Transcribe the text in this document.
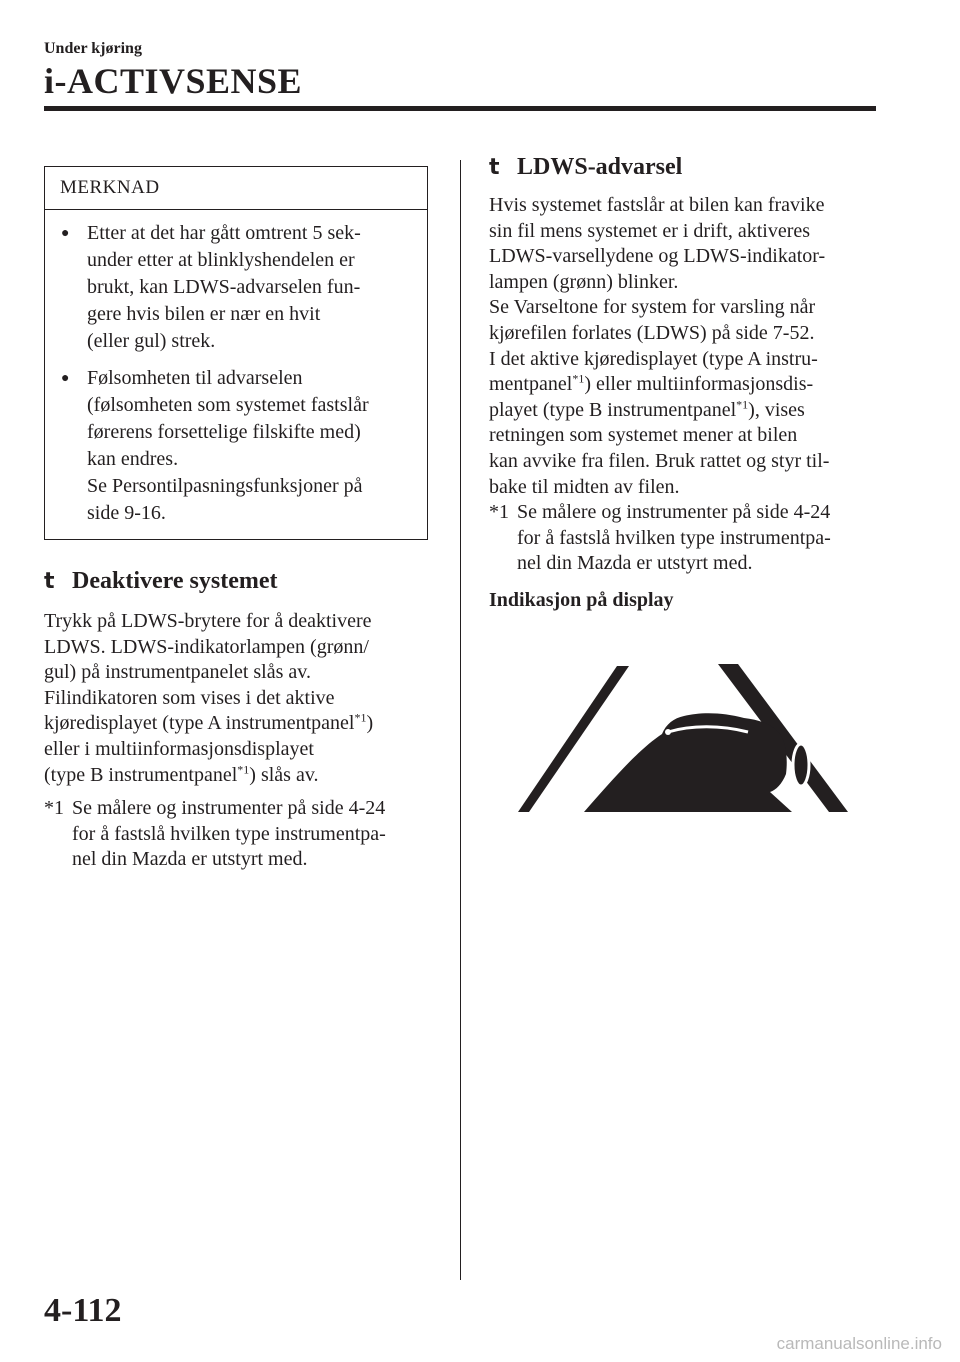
Under kjøring
i-ACTIVSENSE
MERKNAD
● Etter at det har gått omtrent 5 sek-
under etter at blinklyshendelen er
brukt, kan LDWS-advarselen fun-
gere hvis bilen er nær en hvit
(eller gul) strek.
● Følsomheten til advarselen
(følsomheten som systemet fastslår
førerens forsettelige filskifte med)
kan endres.
Se Persontilpasningsfunksjoner på
side 9-16.
t Deaktivere systemet
Trykk på LDWS-brytere for å deaktivere
LDWS. LDWS-indikatorlampen (grønn/
gul) på instrumentpanelet slås av.
Filindikatoren som vises i det aktive
kjøredisplayet (type A instrumentpanel$^{*1}$)
eller i multiinformasjonsdisplayet
(type B instrumentpanel$^{*1}$) slås av.
*1 Se målere og instrumenter på side 4-24
for å fastslå hvilken type instrumentpa-
nel din Mazda er utstyrt med.
t LDWS-advarsel
Hvis systemet fastslår at bilen kan fravike
sin fil mens systemet er i drift, aktiveres
LDWS-varsellydene og LDWS-indikator-
lampen (grønn) blinker.
Se Varseltone for system for varsling når
kjørefilen forlates (LDWS) på side 7-52.
I det aktive kjøredisplayet (type A instru-
mentpanel$^{*1}$) eller multiinformasjonsdis-
playet (type B instrumentpanel$^{*1}$), vises
retningen som systemet mener at bilen
kan avvike fra filen. Bruk rattet og styr til-
bake til midten av filen.
*1 Se målere og instrumenter på side 4-24
for å fastslå hvilken type instrumentpa-
nel din Mazda er utstyrt med.
Indikasjon på display
4-112
carmanualsonline.info
